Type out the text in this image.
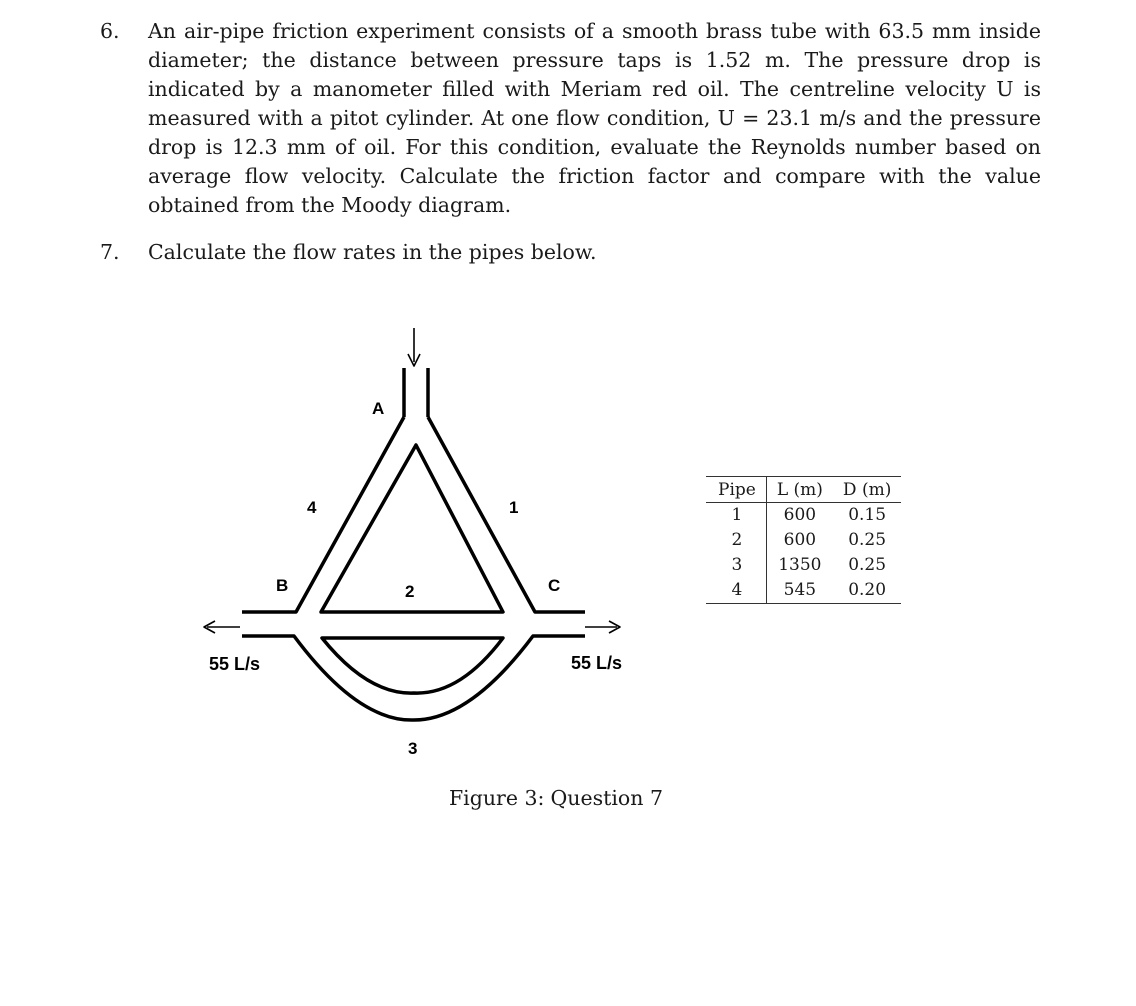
6. An air-pipe friction experiment consists of a smooth brass tube with 63.5 mm inside diameter; the distance between pressure taps is 1.52 m. The pressure drop is indicated by a manometer filled with Meriam red oil. The centreline velocity U is measured with a pitot cylinder. At one flow condition, U = 23.1 m/s and the pressure drop is 12.3 mm of oil. For this condition, evaluate the Reynolds number based on average flow velocity. Calculate the friction factor and compare with the value obtained from the Moody diagram.
7. Calculate the flow rates in the pipes below.
A
B	C
4	1
2
3
55 L/s	55 L/s
Pipe	L (m)	D (m)
1	600	0.15
2	600	0.25
3	1350	0.25
4	545	0.20
Figure 3: Question 7
